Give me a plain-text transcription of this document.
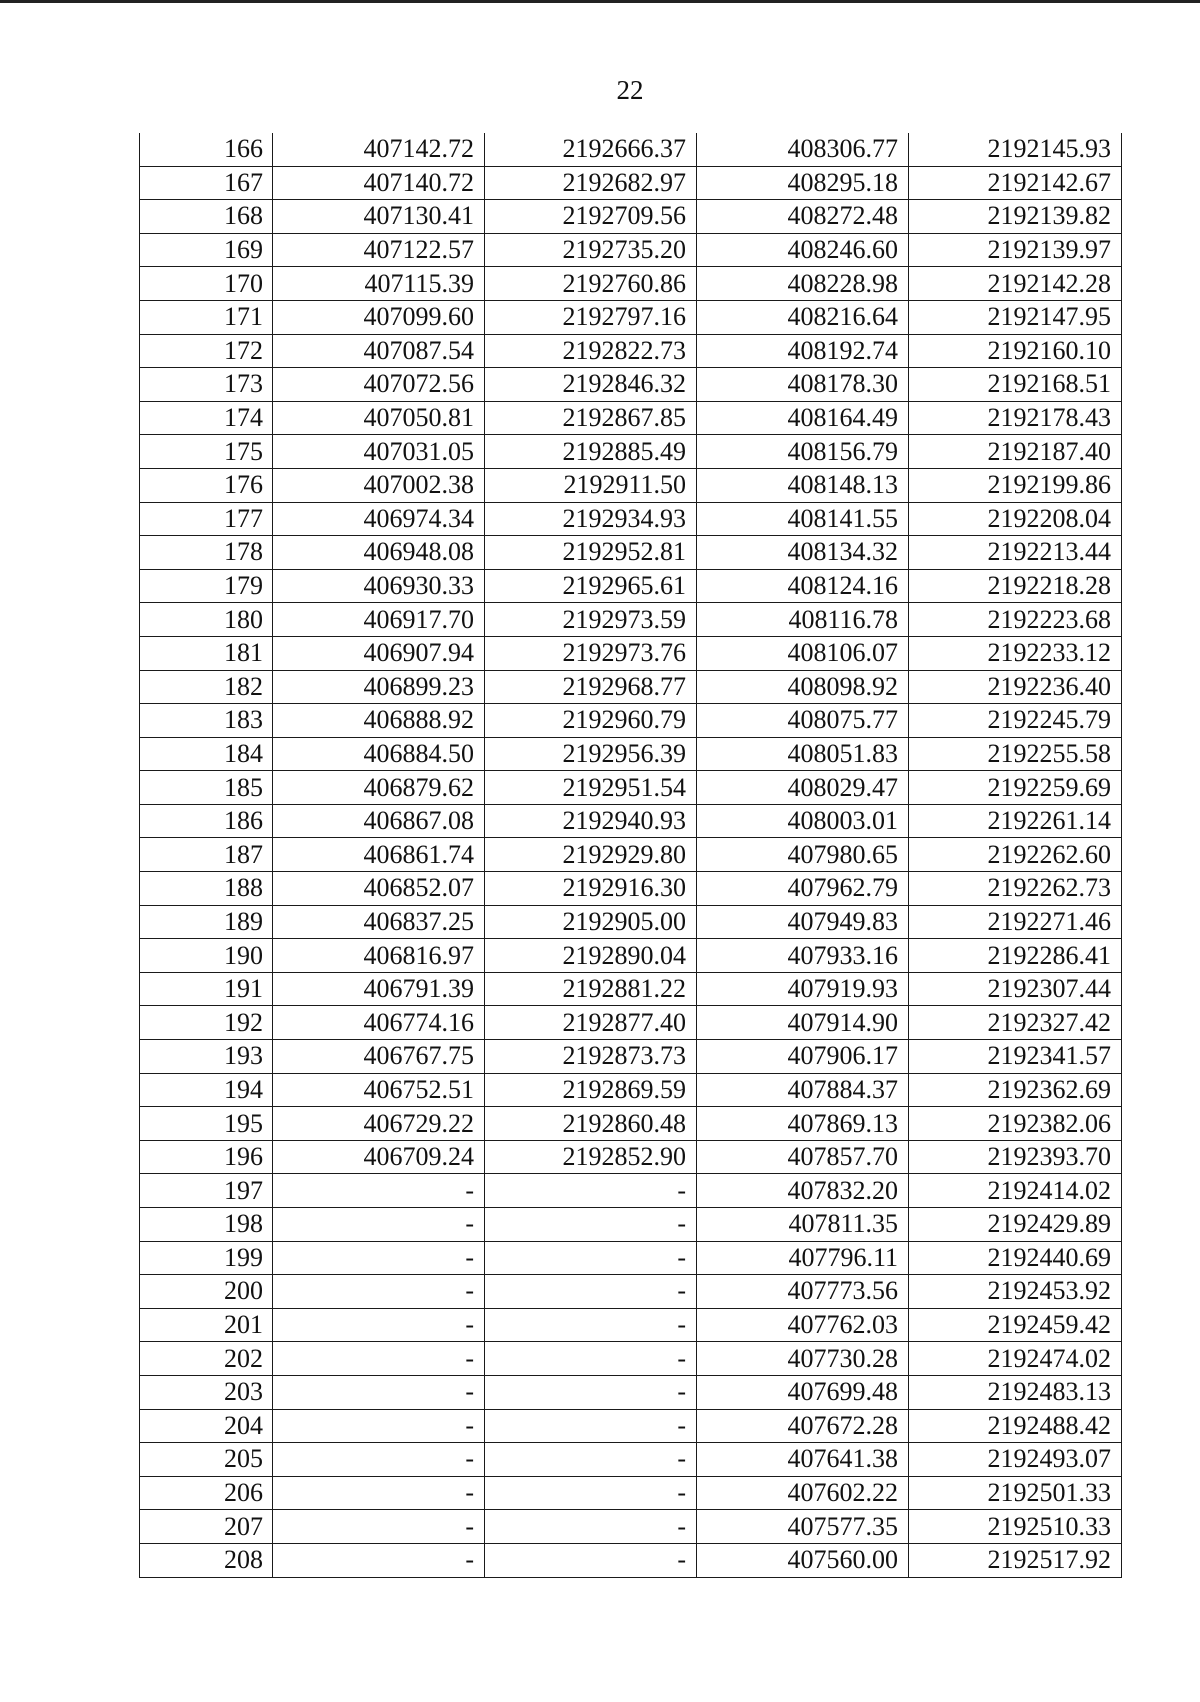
22
166	407142.72	2192666.37	408306.77	2192145.93
167	407140.72	2192682.97	408295.18	2192142.67
168	407130.41	2192709.56	408272.48	2192139.82
169	407122.57	2192735.20	408246.60	2192139.97
170	407115.39	2192760.86	408228.98	2192142.28
171	407099.60	2192797.16	408216.64	2192147.95
172	407087.54	2192822.73	408192.74	2192160.10
173	407072.56	2192846.32	408178.30	2192168.51
174	407050.81	2192867.85	408164.49	2192178.43
175	407031.05	2192885.49	408156.79	2192187.40
176	407002.38	2192911.50	408148.13	2192199.86
177	406974.34	2192934.93	408141.55	2192208.04
178	406948.08	2192952.81	408134.32	2192213.44
179	406930.33	2192965.61	408124.16	2192218.28
180	406917.70	2192973.59	408116.78	2192223.68
181	406907.94	2192973.76	408106.07	2192233.12
182	406899.23	2192968.77	408098.92	2192236.40
183	406888.92	2192960.79	408075.77	2192245.79
184	406884.50	2192956.39	408051.83	2192255.58
185	406879.62	2192951.54	408029.47	2192259.69
186	406867.08	2192940.93	408003.01	2192261.14
187	406861.74	2192929.80	407980.65	2192262.60
188	406852.07	2192916.30	407962.79	2192262.73
189	406837.25	2192905.00	407949.83	2192271.46
190	406816.97	2192890.04	407933.16	2192286.41
191	406791.39	2192881.22	407919.93	2192307.44
192	406774.16	2192877.40	407914.90	2192327.42
193	406767.75	2192873.73	407906.17	2192341.57
194	406752.51	2192869.59	407884.37	2192362.69
195	406729.22	2192860.48	407869.13	2192382.06
196	406709.24	2192852.90	407857.70	2192393.70
197	-	-	407832.20	2192414.02
198	-	-	407811.35	2192429.89
199	-	-	407796.11	2192440.69
200	-	-	407773.56	2192453.92
201	-	-	407762.03	2192459.42
202	-	-	407730.28	2192474.02
203	-	-	407699.48	2192483.13
204	-	-	407672.28	2192488.42
205	-	-	407641.38	2192493.07
206	-	-	407602.22	2192501.33
207	-	-	407577.35	2192510.33
208	-	-	407560.00	2192517.92
